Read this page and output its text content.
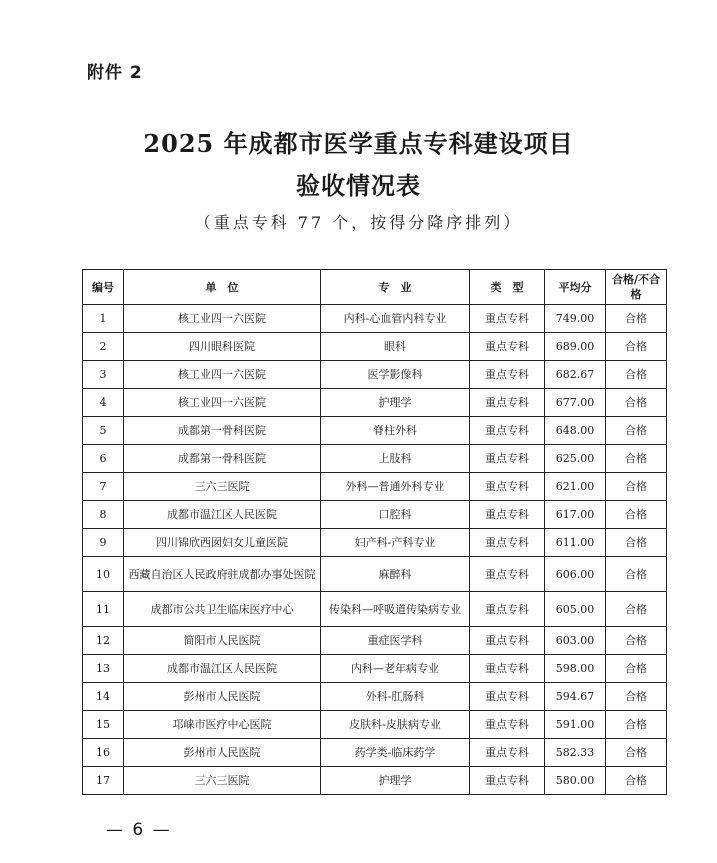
附件 2
2025 年成都市医学重点专科建设项目
验收情况表
（重点专科 77 个，按得分降序排列）
编号	单　位	专　业	类　型	平均分	合格/不合格
1	核工业四一六医院	内科-心血管内科专业	重点专科	749.00	合格
2	四川眼科医院	眼科	重点专科	689.00	合格
3	核工业四一六医院	医学影像科	重点专科	682.67	合格
4	核工业四一六医院	护理学	重点专科	677.00	合格
5	成都第一骨科医院	脊柱外科	重点专科	648.00	合格
6	成都第一骨科医院	上肢科	重点专科	625.00	合格
7	三六三医院	外科—普通外科专业	重点专科	621.00	合格
8	成都市温江区人民医院	口腔科	重点专科	617.00	合格
9	四川锦欣西囡妇女儿童医院	妇产科-产科专业	重点专科	611.00	合格
10	西藏自治区人民政府驻成都办事处医院	麻醉科	重点专科	606.00	合格
11	成都市公共卫生临床医疗中心	传染科—呼吸道传染病专业	重点专科	605.00	合格
12	简阳市人民医院	重症医学科	重点专科	603.00	合格
13	成都市温江区人民医院	内科—老年病专业	重点专科	598.00	合格
14	彭州市人民医院	外科-肛肠科	重点专科	594.67	合格
15	邛崃市医疗中心医院	皮肤科-皮肤病专业	重点专科	591.00	合格
16	彭州市人民医院	药学类-临床药学	重点专科	582.33	合格
17	三六三医院	护理学	重点专科	580.00	合格
— 6 —
